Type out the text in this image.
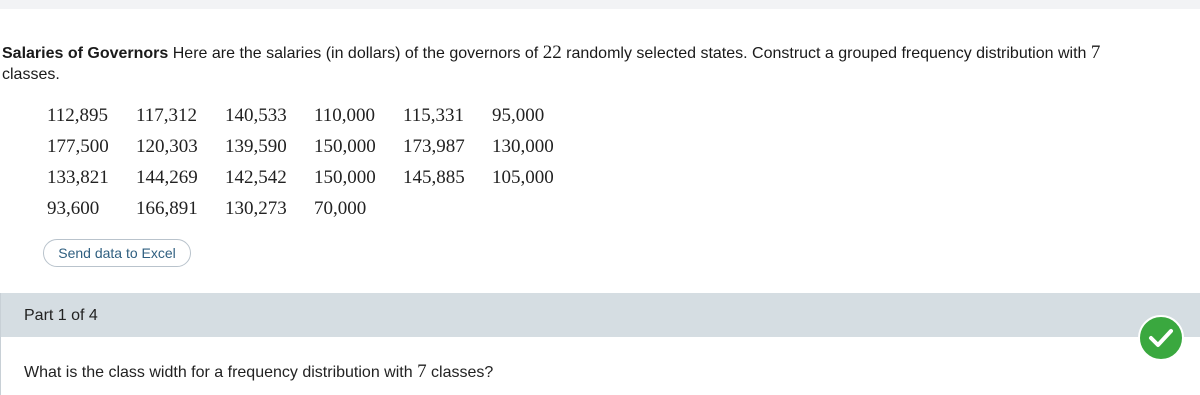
Salaries of Governors Here are the salaries (in dollars) of the governors of 22 randomly selected states. Construct a grouped frequency distribution with 7
classes.
112,895	117,312	140,533	110,000	115,331	95,000
177,500	120,303	139,590	150,000	173,987	130,000
133,821	144,269	142,542	150,000	145,885	105,000
93,600	166,891	130,273	70,000
Send data to Excel
Part 1 of 4
What is the class width for a frequency distribution with 7 classes?
